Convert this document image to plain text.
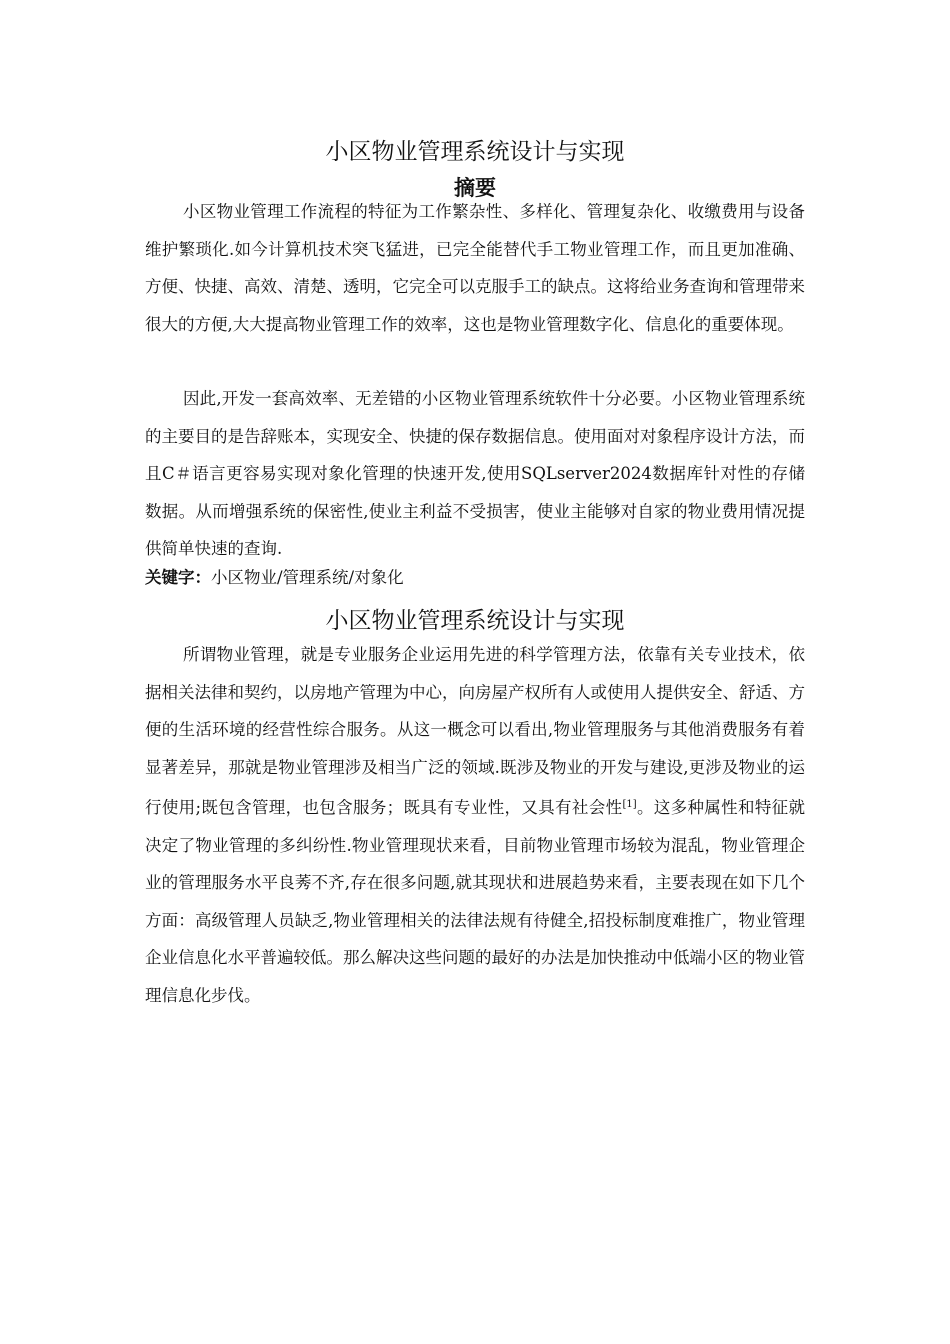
小区物业管理系统设计与实现
摘要
小区物业管理工作流程的特征为工作繁杂性、多样化、管理复杂化、收缴费用与设备维护繁琐化.如今计算机技术突飞猛进，已完全能替代手工物业管理工作，而且更加准确、方便、快捷、高效、清楚、透明，它完全可以克服手工的缺点。这将给业务查询和管理带来很大的方便,大大提高物业管理工作的效率，这也是物业管理数字化、信息化的重要体现。
因此,开发一套高效率、无差错的小区物业管理系统软件十分必要。小区物业管理系统的主要目的是告辞账本，实现安全、快捷的保存数据信息。使用面对对象程序设计方法，而且C＃语言更容易实现对象化管理的快速开发,使用SQLserver2024数据库针对性的存储数据。从而增强系统的保密性,使业主利益不受损害，使业主能够对自家的物业费用情况提供简单快速的查询.
关键字：小区物业/管理系统/对象化
小区物业管理系统设计与实现
所谓物业管理，就是专业服务企业运用先进的科学管理方法，依靠有关专业技术，依据相关法律和契约，以房地产管理为中心，向房屋产权所有人或使用人提供安全、舒适、方便的生活环境的经营性综合服务。从这一概念可以看出,物业管理服务与其他消费服务有着显著差异，那就是物业管理涉及相当广泛的领域.既涉及物业的开发与建设,更涉及物业的运行使用;既包含管理，也包含服务；既具有专业性，又具有社会性[1]。这多种属性和特征就决定了物业管理的多纠纷性.物业管理现状来看，目前物业管理市场较为混乱，物业管理企业的管理服务水平良莠不齐,存在很多问题,就其现状和进展趋势来看，主要表现在如下几个方面：高级管理人员缺乏,物业管理相关的法律法规有待健全,招投标制度难推广，物业管理企业信息化水平普遍较低。那么解决这些问题的最好的办法是加快推动中低端小区的物业管理信息化步伐。
